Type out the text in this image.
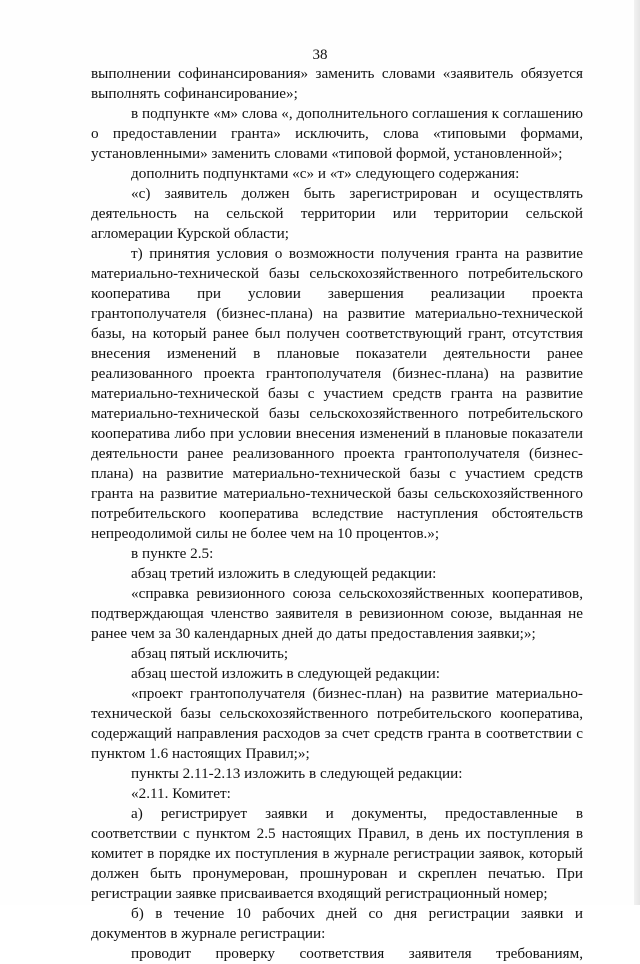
38

выполнении софинансирования» заменить словами «заявитель обязуется выполнять софинансирование»;

в подпункте «м» слова «, дополнительного соглашения к соглашению о предоставлении гранта» исключить, слова «типовыми формами, установленными» заменить словами «типовой формой, установленной»;

дополнить подпунктами «с» и «т» следующего содержания:

«с) заявитель должен быть зарегистрирован и осуществлять деятельность на сельской территории или территории сельской агломерации Курской области;

т) принятия условия о возможности получения гранта на развитие материально-технической базы сельскохозяйственного потребительского кооператива при условии завершения реализации проекта грантополучателя (бизнес-плана) на развитие материально-технической базы, на который ранее был получен соответствующий грант, отсутствия внесения изменений в плановые показатели деятельности ранее реализованного проекта грантополучателя (бизнес-плана) на развитие материально-технической базы с участием средств гранта на развитие материально-технической базы сельскохозяйственного потребительского кооператива либо при условии внесения изменений в плановые показатели деятельности ранее реализованного проекта грантополучателя (бизнес-плана) на развитие материально-технической базы с участием средств гранта на развитие материально-технической базы сельскохозяйственного потребительского кооператива вследствие наступления обстоятельств непреодолимой силы не более чем на 10 процентов.»;

в пункте 2.5:

абзац третий изложить в следующей редакции:

«справка ревизионного союза сельскохозяйственных кооперативов, подтверждающая членство заявителя в ревизионном союзе, выданная не ранее чем за 30 календарных дней до даты предоставления заявки;»;

абзац пятый исключить;

абзац шестой изложить в следующей редакции:

«проект грантополучателя (бизнес-план) на развитие материально-технической базы сельскохозяйственного потребительского кооператива, содержащий направления расходов за счет средств гранта в соответствии с пунктом 1.6 настоящих Правил;»;

пункты 2.11-2.13 изложить в следующей редакции:

«2.11. Комитет:

а) регистрирует заявки и документы, предоставленные в соответствии с пунктом 2.5 настоящих Правил, в день их поступления в комитет в порядке их поступления в журнале регистрации заявок, который должен быть пронумерован, прошнурован и скреплен печатью. При регистрации заявке присваивается входящий регистрационный номер;

б) в течение 10 рабочих дней со дня регистрации заявки и документов в журнале регистрации:

проводит проверку соответствия заявителя требованиям,
